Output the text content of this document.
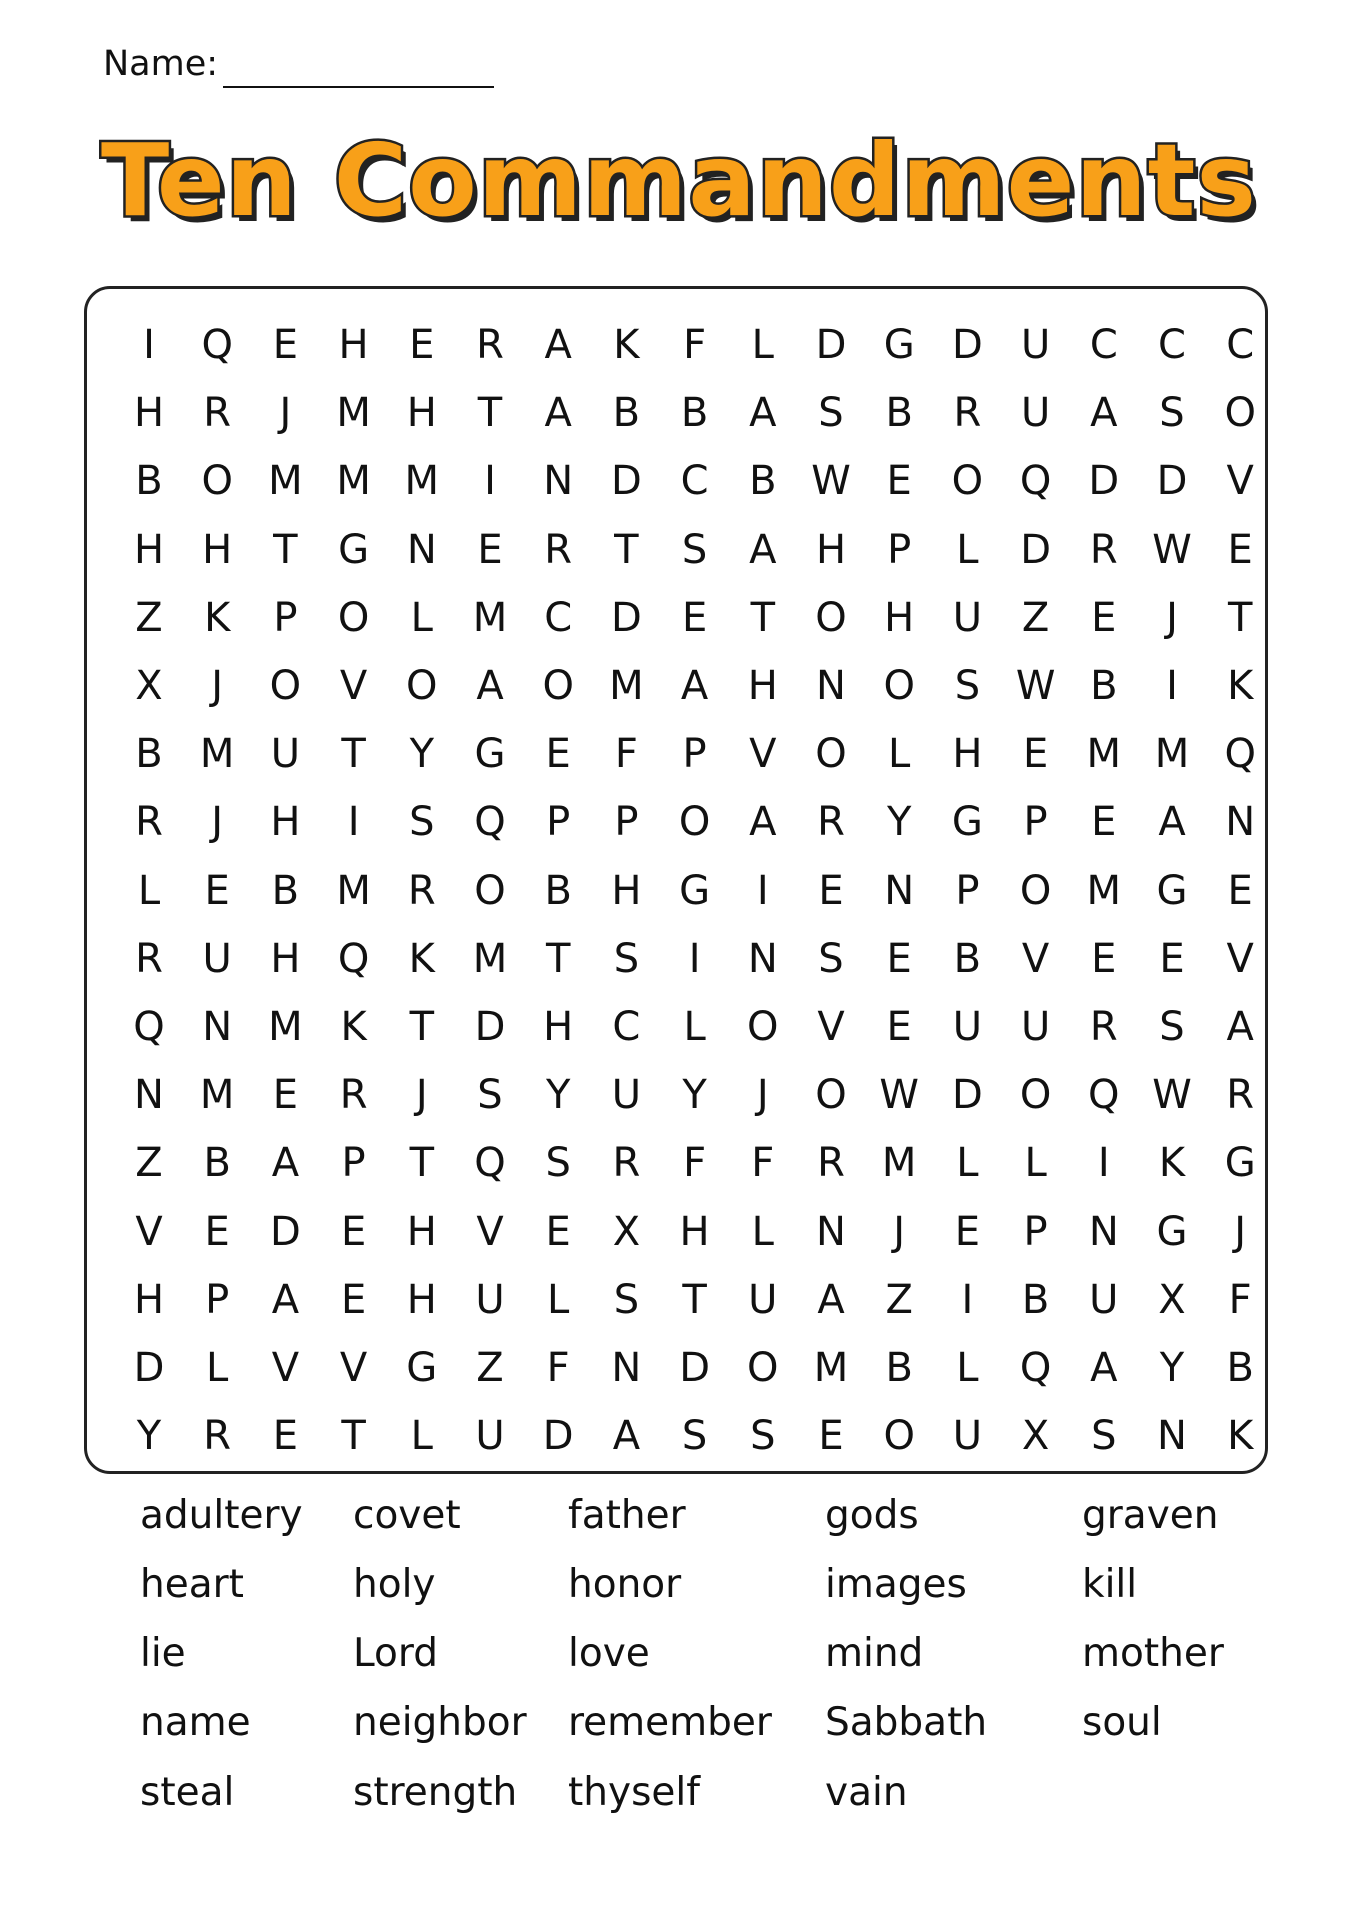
Name:
Ten Commandments
I	Q E	H	E	R	A	K	F	L	D G D U C	C	C
H R	J	M H	T	A	B	B	A	S	B	R U A	S O
B O M M M	I	N D C	B W E O Q D D V
H H	T	G N	E	R	T	S	A H	P	L	D R W E
Z	K	P	O	L M C D	E	T	O H U Z	E	J	T
X	J	O V O A O M A H N O S W B	I	K
B M U	T	Y	G	E	F	P	V O	L	H	E M M Q
R	J	H	I	S Q	P	P	O A	R	Y	G	P	E	A N
L	E	B M R O B H G	I	E	N	P	O M G	E
R U H Q K M T	S	I	N	S	E	B	V	E	E	V
Q N M K	T	D H C	L	O V	E	U U R	S	A
N M E	R	J	S	Y	U	Y	J	O W D O Q W R
Z	B	A	P	T	Q S	R	F	F	R M L	L	I	K G
V	E	D	E	H V	E	X H	L	N	J	E	P	N G	J
H	P	A	E	H U	L	S	T	U A	Z	I	B U X	F
D	L	V	V G Z	F	N D O M B	L	Q A	Y	B
Y	R	E	T	L	U D A	S	S	E O U X	S	N	K
adultery covet	father	gods	graven
heart	holy	honor	images	kill
lie	Lord	love	mind	mother
name	neighbor remember Sabbath soul
steal	strength thyself	vain
